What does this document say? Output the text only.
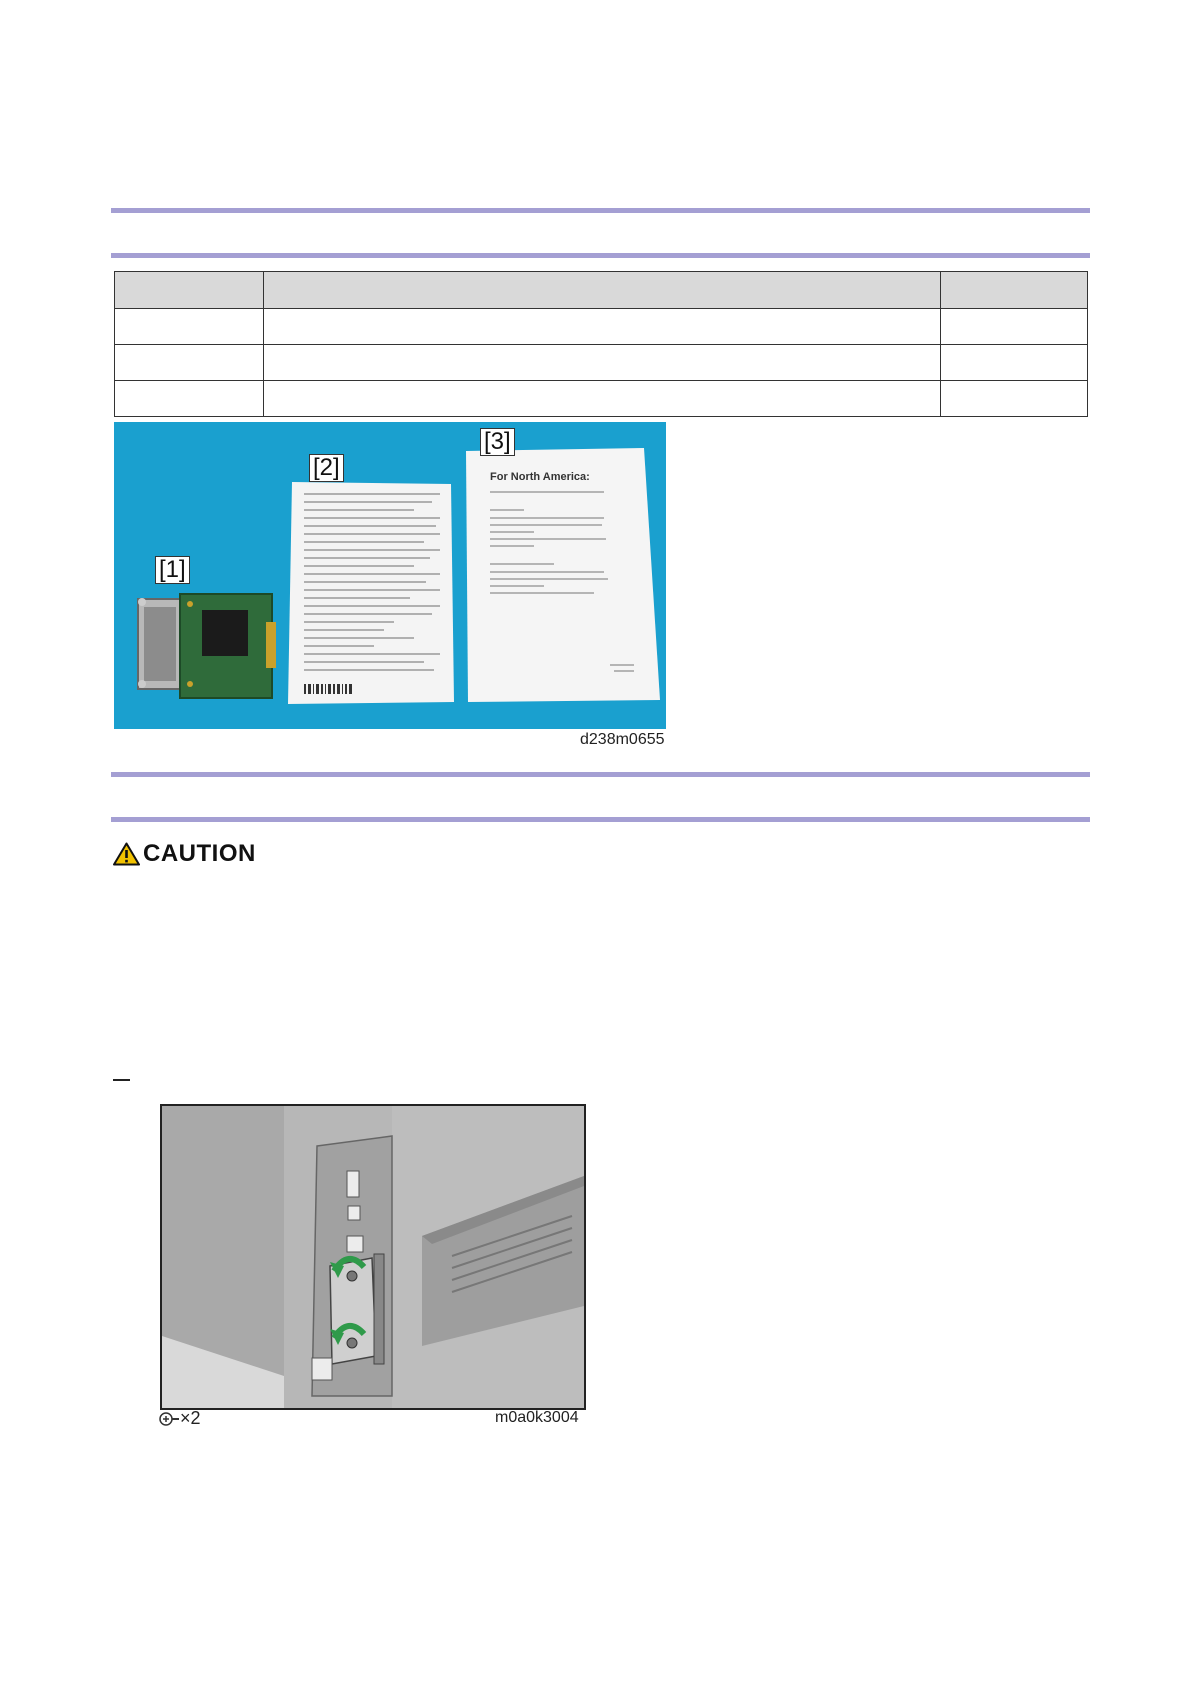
For North America:
[1]
[2]
[3]
d238m0655
CAUTION
×2	m0a0k3004
